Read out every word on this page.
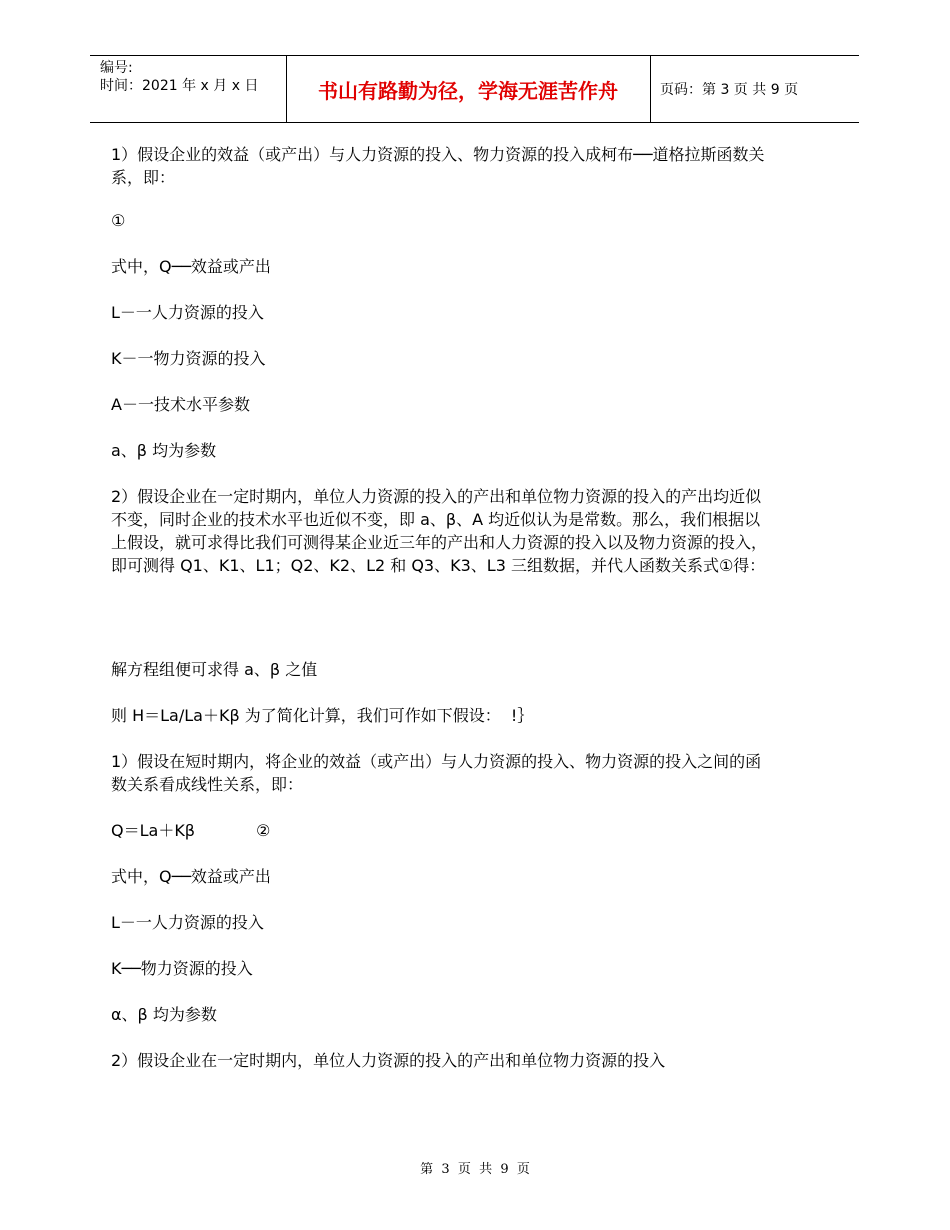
编号:
时间：2021 年 x 月 x 日	书山有路勤为径，学海无涯苦作舟	页码：第 3 页 共 9 页

1）假设企业的效益（或产出）与人力资源的投入、物力资源的投入成柯布──道格拉斯函数关系，即：

①

式中，Q──效益或产出

L－一人力资源的投入

K－一物力资源的投入

A－一技术水平参数

a、β 均为参数

2）假设企业在一定时期内，单位人力资源的投入的产出和单位物力资源的投入的产出均近似不变，同时企业的技术水平也近似不变，即 a、β、A 均近似认为是常数。那么，我们根据以上假设，就可求得比我们可测得某企业近三年的产出和人力资源的投入以及物力资源的投入，即可测得 Q1、K1、L1；Q2、K2、L2 和 Q3、K3、L3 三组数据，并代人函数关系式①得：

解方程组便可求得 a、β 之值

则 H＝La/La＋Kβ 为了简化计算，我们可作如下假设：  !｝

1）假设在短时期内，将企业的效益（或产出）与人力资源的投入、物力资源的投入之间的函数关系看成线性关系，即：

Q＝La＋Kβ            ②

式中，Q──效益或产出

L－一人力资源的投入

K──物力资源的投入

α、β 均为参数

2）假设企业在一定时期内，单位人力资源的投入的产出和单位物力资源的投入

第  3  页  共  9  页
